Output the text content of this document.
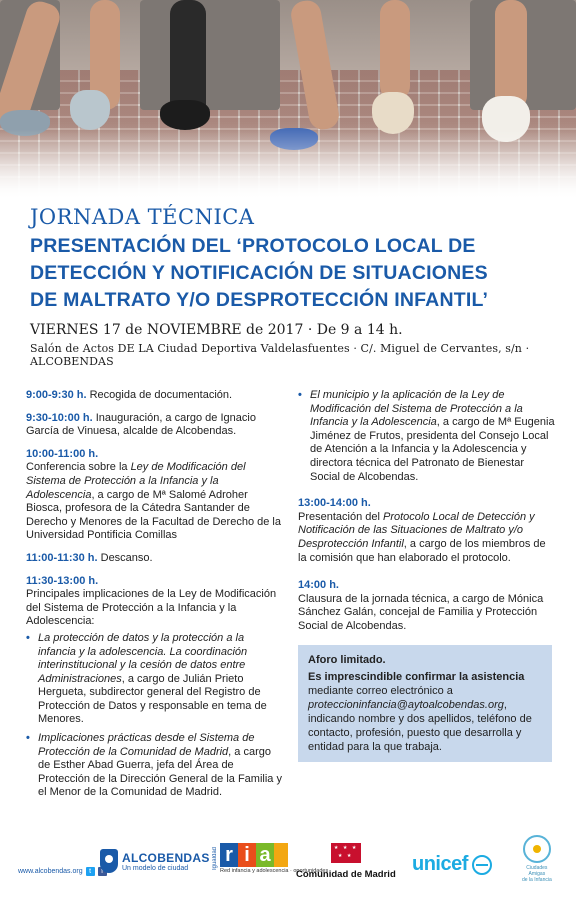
JORNADA TÉCNICA
PRESENTACIÓN DEL ‘PROTOCOLO LOCAL DE
DETECCIÓN Y NOTIFICACIÓN DE SITUACIONES
DE MALTRATO Y/O DESPROTECCIÓN INFANTIL’
VIERNES 17 de NOVIEMBRE de 2017 · De 9 a 14 h.
Salón de Actos DE LA Ciudad Deportiva Valdelasfuentes · C/. Miguel de Cervantes, s/n · ALCOBENDAS
9:00-9:30 h. Recogida de documentación.
9:30-10:00 h. Inauguración, a cargo de Ignacio García de Vinuesa, alcalde de Alcobendas.
10:00-11:00 h.
Conferencia sobre la Ley de Modificación del Sistema de Protección a la Infancia y la Adolescencia, a cargo de Mª Salomé Adroher Biosca, profesora de la Cátedra Santander de Derecho y Menores de la Facultad de Derecho de la Universidad Pontificia Comillas
11:00-11:30 h. Descanso.
11:30-13:00 h.
Principales implicaciones de la Ley de Modificación del Sistema de Protección a la Infancia y la Adolescencia:
• La protección de datos y la protección a la infancia y la adolescencia. La coordinación interinstitucional y la cesión de datos entre Administraciones, a cargo de Julián Prieto Hergueta, subdirector general del Registro de Protección de Datos y responsable en tema de Menores.
• Implicaciones prácticas desde el Sistema de Protección de la Comunidad de Madrid, a cargo de Esther Abad Guerra, jefa del Área de Protección de la Dirección General de la Familia y el Menor de la Comunidad de Madrid.
• El municipio y la aplicación de la Ley de Modificación del Sistema de Protección a la Infancia y la Adolescencia, a cargo de Mª Eugenia Jiménez de Frutos, presidenta del Consejo Local de Atención a la Infancia y la Adolescencia y directora técnica del Patronato de Bienestar Social de Alcobendas.
13:00-14:00 h.
Presentación del Protocolo Local de Detección y Notificación de las Situaciones de Maltrato y/o Desprotección Infantil, a cargo de los miembros de la comisión que han elaborado el protocolo.
14:00 h.
Clausura de la jornada técnica, a cargo de Mónica Sánchez Galán, concejal de Familia y Protección Social de Alcobendas.
Aforo limitado.
Es imprescindible confirmar la asistencia mediante correo electrónico a proteccioninfancia@aytoalcobendas.org, indicando nombre y dos apellidos, teléfono de contacto, profesión, puesto que desarrolla y entidad para la que trabaja.
www.alcobendas.org t	f
ALCOBENDAS
Un modelo de ciudad	Igualdad r i a
Red infancia y adolescencia · oportunidades
★ ★ ★
★ ★
Comunidad de Madrid unicef	Ciudades
Amigas
de la Infancia
